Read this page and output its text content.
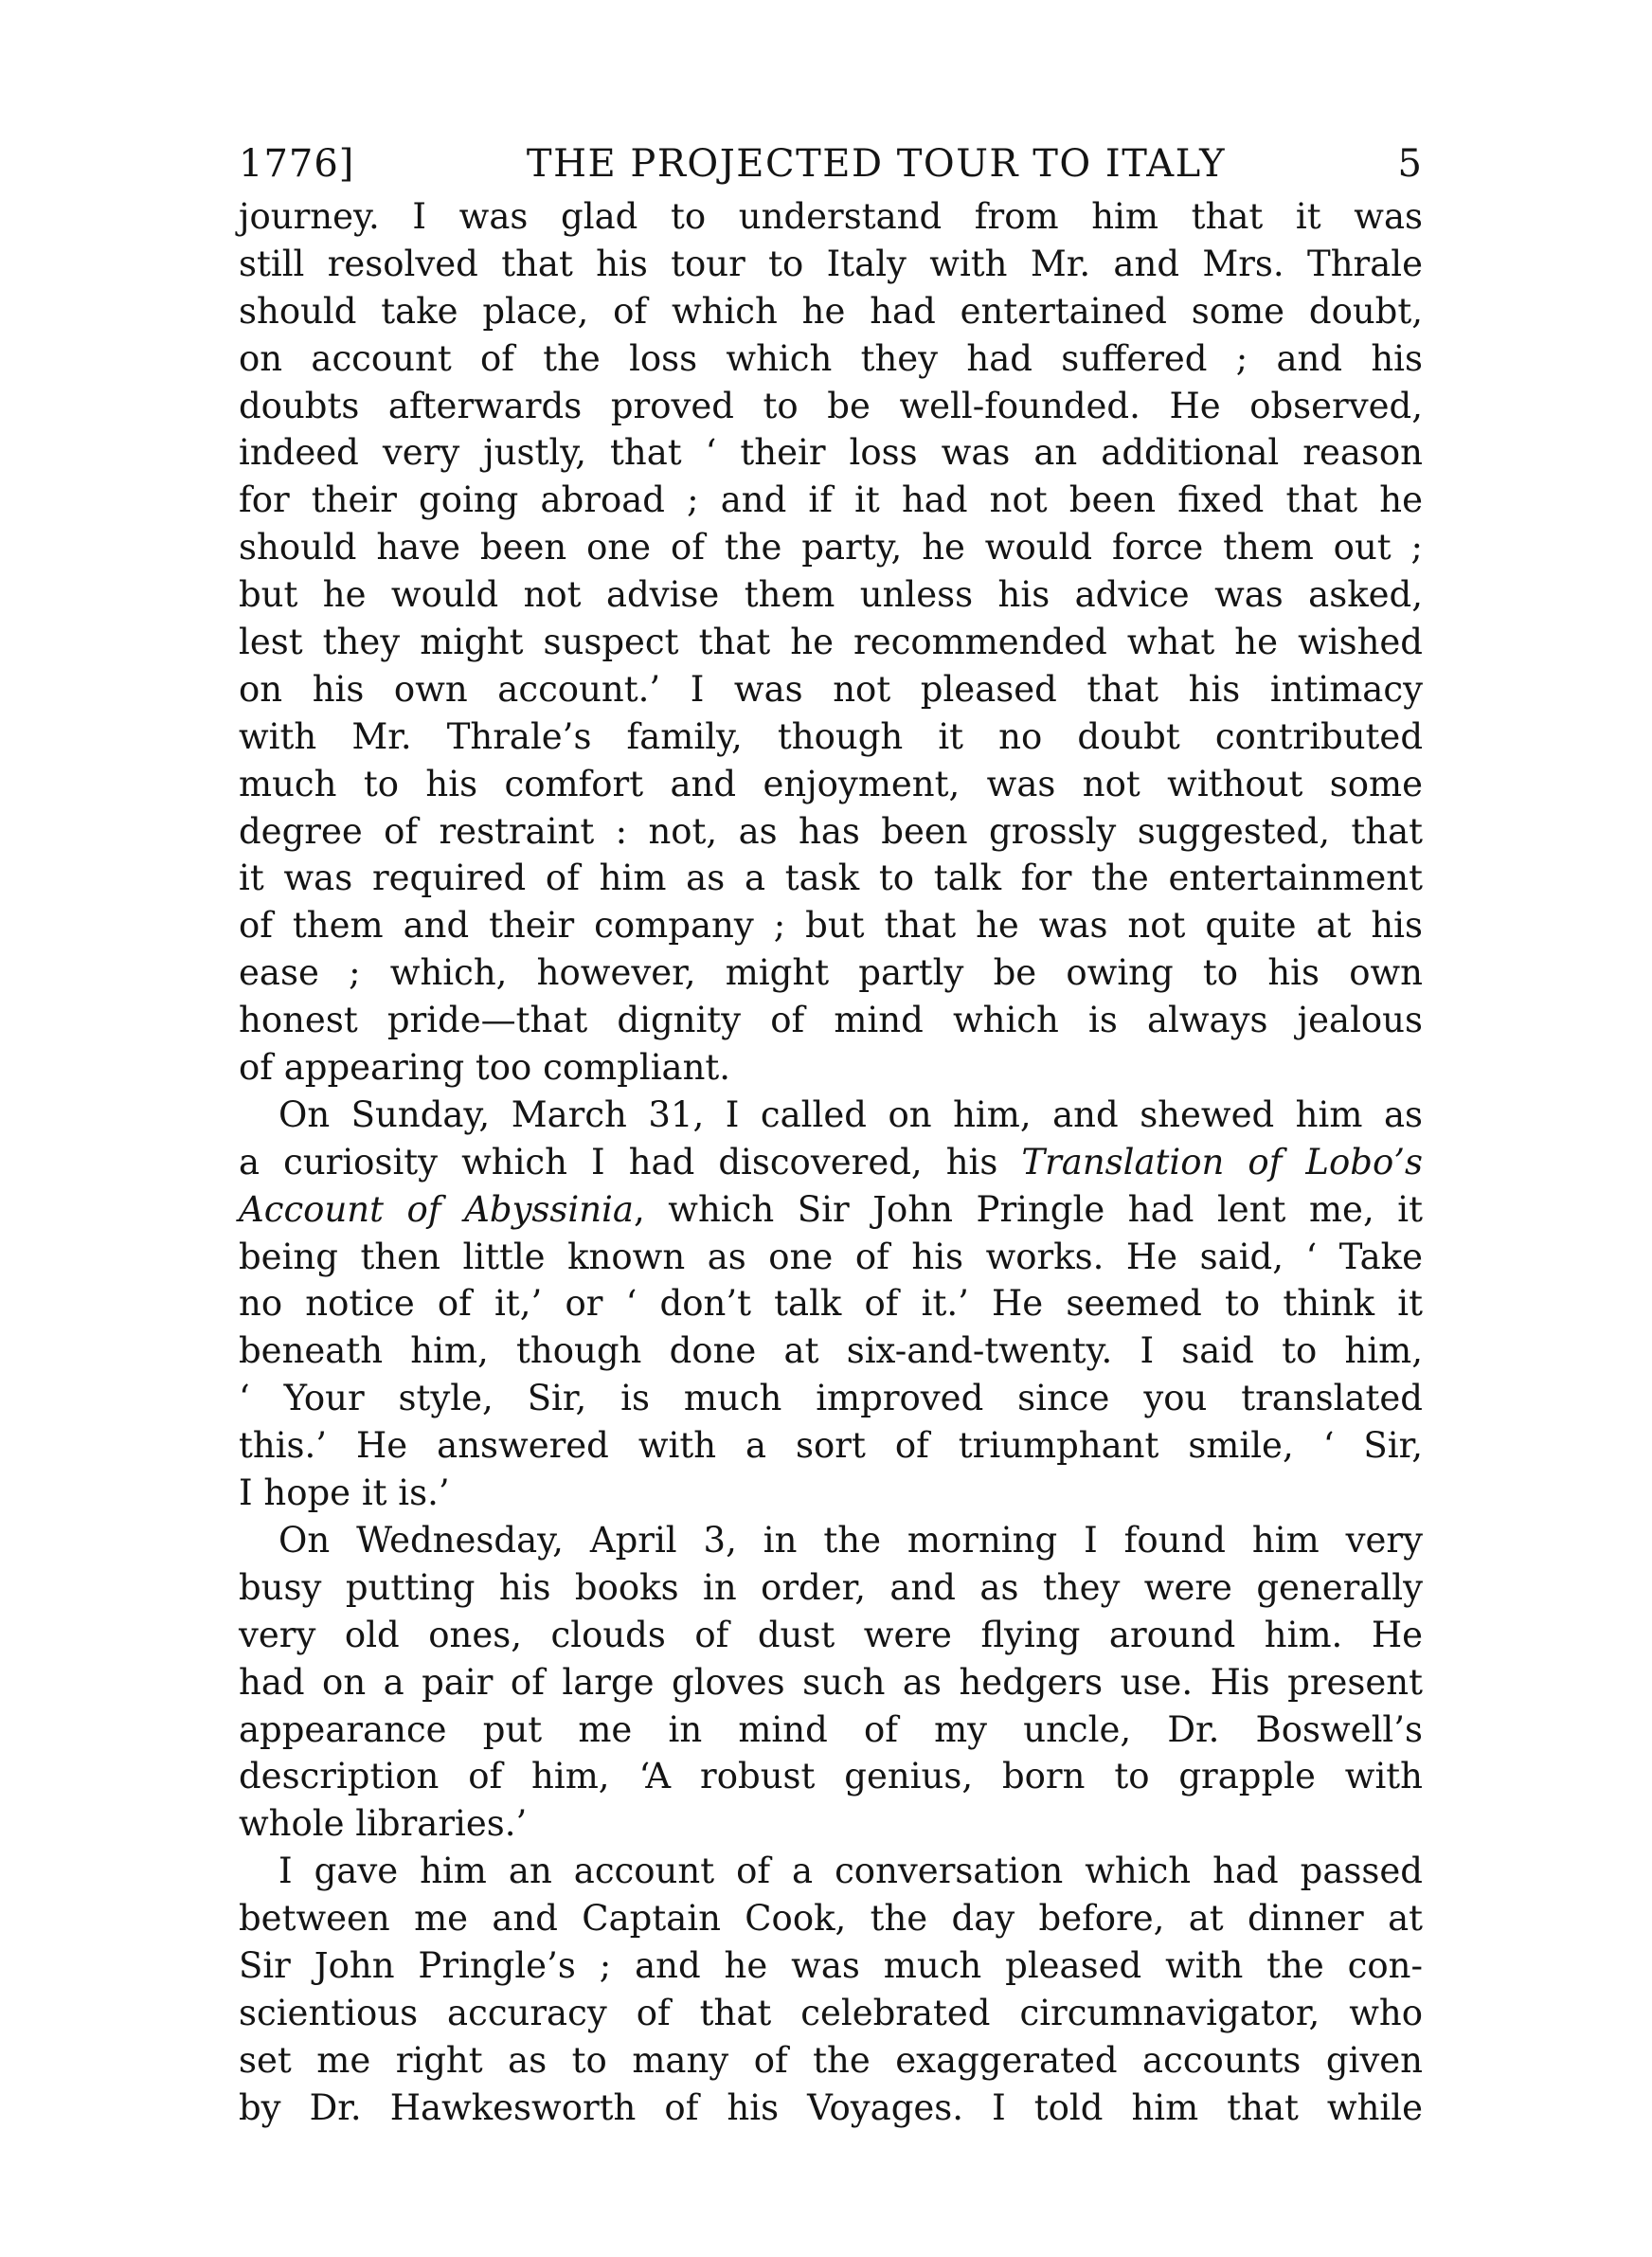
1776]	THE PROJECTED TOUR TO ITALY	5
journey. I was glad to understand from him that it was
still resolved that his tour to Italy with Mr. and Mrs. Thrale
should take place, of which he had entertained some doubt,
on account of the loss which they had suffered ; and his
doubts afterwards proved to be well-founded. He observed,
indeed very justly, that ‘ their loss was an additional reason
for their going abroad ; and if it had not been fixed that he
should have been one of the party, he would force them out ;
but he would not advise them unless his advice was asked,
lest they might suspect that he recommended what he wished
on his own account.’ I was not pleased that his intimacy
with Mr. Thrale’s family, though it no doubt contributed
much to his comfort and enjoyment, was not without some
degree of restraint : not, as has been grossly suggested, that
it was required of him as a task to talk for the entertainment
of them and their company ; but that he was not quite at his
ease ; which, however, might partly be owing to his own
honest pride—that dignity of mind which is always jealous
of appearing too compliant.
On Sunday, March 31, I called on him, and shewed him as
a curiosity which I had discovered, his Translation of Lobo’s
Account of Abyssinia, which Sir John Pringle had lent me, it
being then little known as one of his works. He said, ‘ Take
no notice of it,’ or ‘ don’t talk of it.’ He seemed to think it
beneath him, though done at six-and-twenty. I said to him,
‘ Your style, Sir, is much improved since you translated
this.’ He answered with a sort of triumphant smile, ‘ Sir,
I hope it is.’
On Wednesday, April 3, in the morning I found him very
busy putting his books in order, and as they were generally
very old ones, clouds of dust were flying around him. He
had on a pair of large gloves such as hedgers use. His present
appearance put me in mind of my uncle, Dr. Boswell’s
description of him, ‘A robust genius, born to grapple with
whole libraries.’
I gave him an account of a conversation which had passed
between me and Captain Cook, the day before, at dinner at
Sir John Pringle’s ; and he was much pleased with the con-
scientious accuracy of that celebrated circumnavigator, who
set me right as to many of the exaggerated accounts given
by Dr. Hawkesworth of his Voyages. I told him that while
